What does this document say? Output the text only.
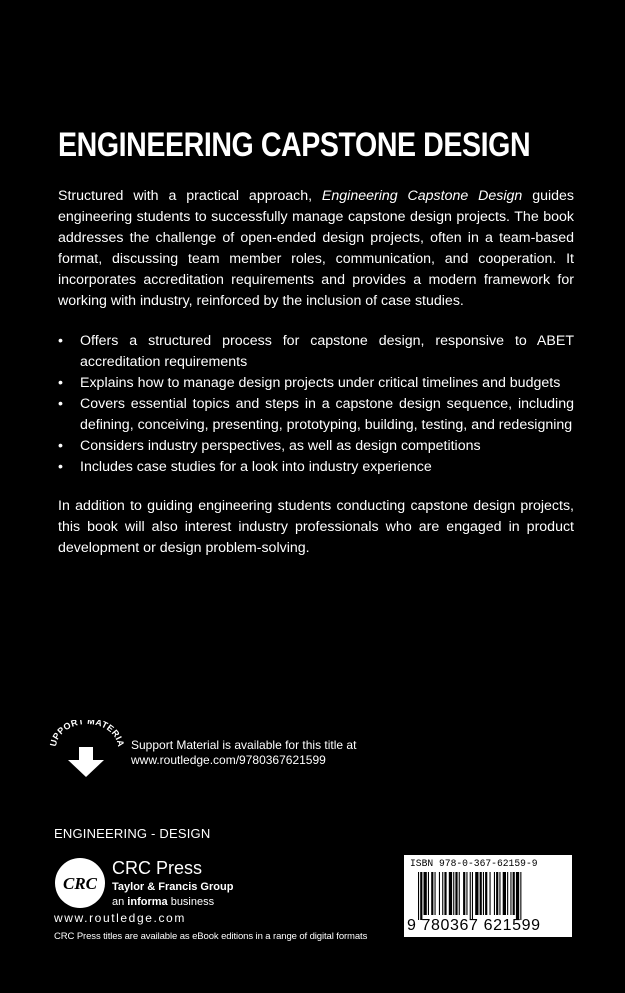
ENGINEERING CAPSTONE DESIGN

Structured with a practical approach, Engineering Capstone Design guides engineering students to successfully manage capstone design projects. The book addresses the challenge of open-ended design projects, often in a team-based format, discussing team member roles, communication, and cooperation. It incorporates accreditation requirements and provides a modern framework for working with industry, reinforced by the inclusion of case studies.

• Offers a structured process for capstone design, responsive to ABET accreditation requirements
• Explains how to manage design projects under critical timelines and budgets
• Covers essential topics and steps in a capstone design sequence, including defining, conceiving, presenting, prototyping, building, testing, and redesigning
• Considers industry perspectives, as well as design competitions
• Includes case studies for a look into industry experience

In addition to guiding engineering students conducting capstone design projects, this book will also interest industry professionals who are engaged in product development or design problem-solving.

UPPORT MATERIA Support Material is available for this title at
www.routledge.com/9780367621599
ENGINEERING - DESIGN
CRC
CRC Press
Taylor & Francis Group
an informa business
www.routledge.com
CRC Press titles are available as eBook editions in a range of digital formats
ISBN 978-0-367-62159-9
9 780367 621599
